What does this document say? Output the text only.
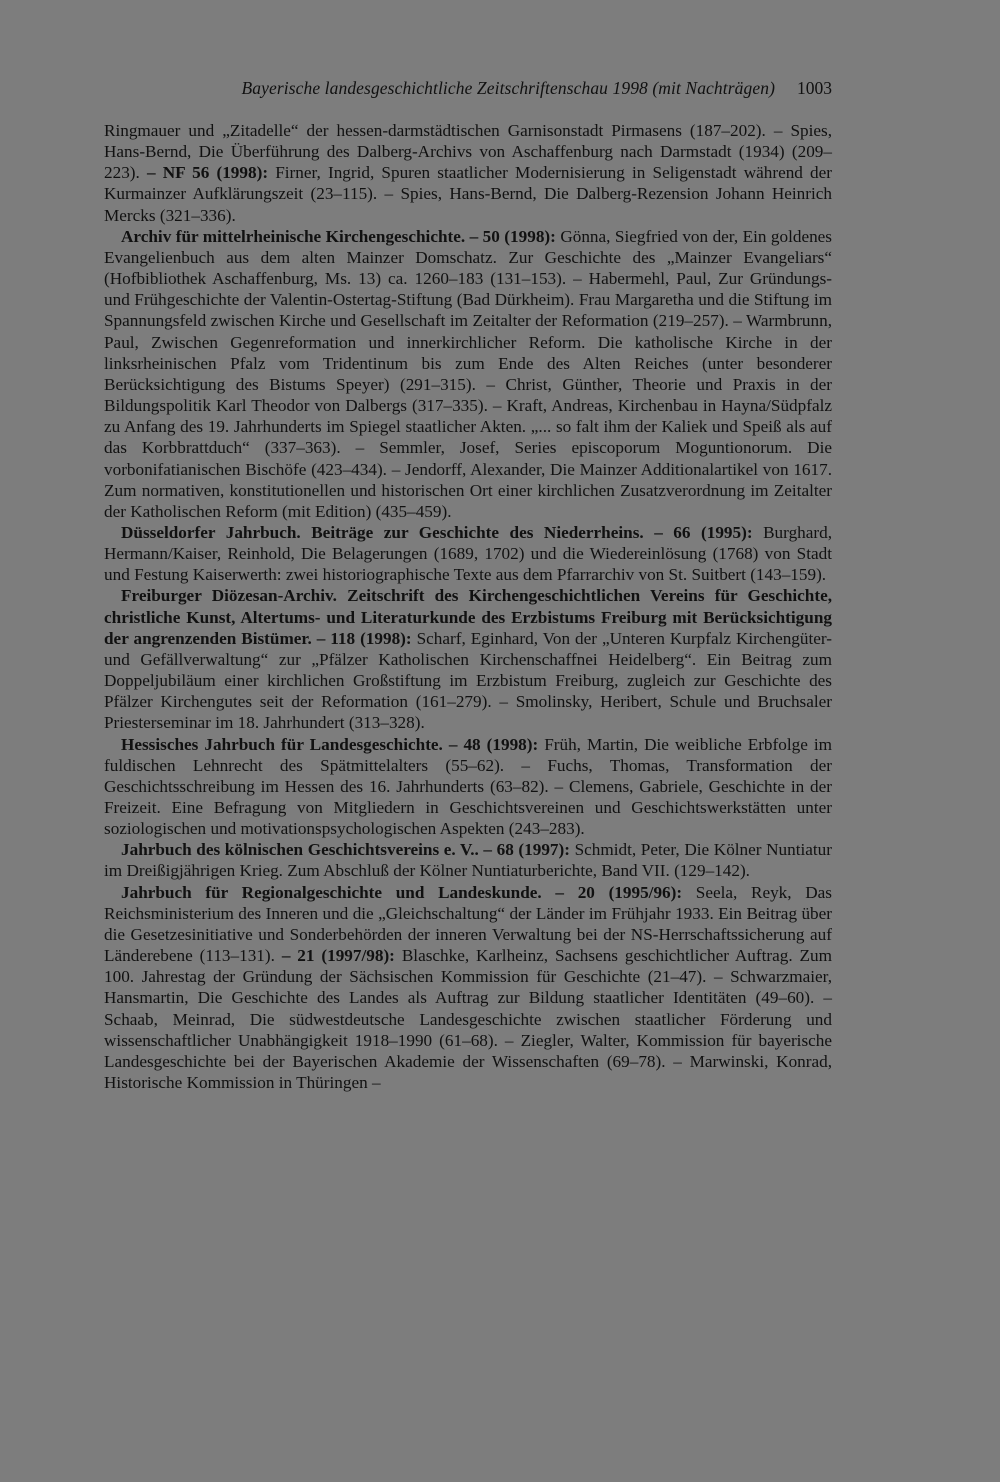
Bayerische landesgeschichtliche Zeitschriftenschau 1998 (mit Nachträgen) 1003

Ringmauer und „Zitadelle“ der hessen-darmstädtischen Garnisonstadt Pirmasens (187–202). – Spies, Hans-Bernd, Die Überführung des Dalberg-Archivs von Aschaffenburg nach Darmstadt (1934) (209–223). – NF 56 (1998): Firner, Ingrid, Spuren staatlicher Modernisierung in Seligenstadt während der Kurmainzer Aufklärungszeit (23–115). – Spies, Hans-Bernd, Die Dalberg-Rezension Johann Heinrich Mercks (321–336).

Archiv für mittelrheinische Kirchengeschichte. – 50 (1998): Gönna, Siegfried von der, Ein goldenes Evangelienbuch aus dem alten Mainzer Domschatz. Zur Geschichte des „Mainzer Evangeliars“ (Hofbibliothek Aschaffenburg, Ms. 13) ca. 1260–183 (131–153). – Habermehl, Paul, Zur Gründungs- und Frühgeschichte der Valentin-Ostertag-Stiftung (Bad Dürkheim). Frau Margaretha und die Stiftung im Spannungsfeld zwischen Kirche und Gesellschaft im Zeitalter der Reformation (219–257). – Warmbrunn, Paul, Zwischen Gegenreformation und innerkirchlicher Reform. Die katholische Kirche in der linksrheinischen Pfalz vom Tridentinum bis zum Ende des Alten Reiches (unter besonderer Berücksichtigung des Bistums Speyer) (291–315). – Christ, Günther, Theorie und Praxis in der Bildungspolitik Karl Theodor von Dalbergs (317–335). – Kraft, Andreas, Kirchenbau in Hayna/Südpfalz zu Anfang des 19. Jahrhunderts im Spiegel staatlicher Akten. „... so falt ihm der Kaliek und Speiß als auf das Korbbrattduch“ (337–363). – Semmler, Josef, Series episcoporum Moguntionorum. Die vorbonifatianischen Bischöfe (423–434). – Jendorff, Alexander, Die Mainzer Additionalartikel von 1617. Zum normativen, konstitutionellen und historischen Ort einer kirchlichen Zusatzverordnung im Zeitalter der Katholischen Reform (mit Edition) (435–459).

Düsseldorfer Jahrbuch. Beiträge zur Geschichte des Niederrheins. – 66 (1995): Burghard, Hermann/Kaiser, Reinhold, Die Belagerungen (1689, 1702) und die Wiedereinlösung (1768) von Stadt und Festung Kaiserwerth: zwei historiographische Texte aus dem Pfarrarchiv von St. Suitbert (143–159).

Freiburger Diözesan-Archiv. Zeitschrift des Kirchengeschichtlichen Vereins für Geschichte, christliche Kunst, Altertums- und Literaturkunde des Erzbistums Freiburg mit Berücksichtigung der angrenzenden Bistümer. – 118 (1998): Scharf, Eginhard, Von der „Unteren Kurpfalz Kirchengüter- und Gefällverwaltung“ zur „Pfälzer Katholischen Kirchenschaffnei Heidelberg“. Ein Beitrag zum Doppeljubiläum einer kirchlichen Großstiftung im Erzbistum Freiburg, zugleich zur Geschichte des Pfälzer Kirchengutes seit der Reformation (161–279). – Smolinsky, Heribert, Schule und Bruchsaler Priesterseminar im 18. Jahrhundert (313–328).

Hessisches Jahrbuch für Landesgeschichte. – 48 (1998): Früh, Martin, Die weibliche Erbfolge im fuldischen Lehnrecht des Spätmittelalters (55–62). – Fuchs, Thomas, Transformation der Geschichtsschreibung im Hessen des 16. Jahrhunderts (63–82). – Clemens, Gabriele, Geschichte in der Freizeit. Eine Befragung von Mitgliedern in Geschichtsvereinen und Geschichtswerkstätten unter soziologischen und motivationspsychologischen Aspekten (243–283).

Jahrbuch des kölnischen Geschichtsvereins e. V.. – 68 (1997): Schmidt, Peter, Die Kölner Nuntiatur im Dreißigjährigen Krieg. Zum Abschluß der Kölner Nuntiaturberichte, Band VII. (129–142).

Jahrbuch für Regionalgeschichte und Landeskunde. – 20 (1995/96): Seela, Reyk, Das Reichsministerium des Inneren und die „Gleichschaltung“ der Länder im Frühjahr 1933. Ein Beitrag über die Gesetzesinitiative und Sonderbehörden der inneren Verwaltung bei der NS-Herrschaftssicherung auf Länderebene (113–131). – 21 (1997/98): Blaschke, Karlheinz, Sachsens geschichtlicher Auftrag. Zum 100. Jahrestag der Gründung der Sächsischen Kommission für Geschichte (21–47). – Schwarzmaier, Hansmartin, Die Geschichte des Landes als Auftrag zur Bildung staatlicher Identitäten (49–60). – Schaab, Meinrad, Die südwestdeutsche Landesgeschichte zwischen staatlicher Förderung und wissenschaftlicher Unabhängigkeit 1918–1990 (61–68). – Ziegler, Walter, Kommission für bayerische Landesgeschichte bei der Bayerischen Akademie der Wissenschaften (69–78). – Marwinski, Konrad, Historische Kommission in Thüringen –
